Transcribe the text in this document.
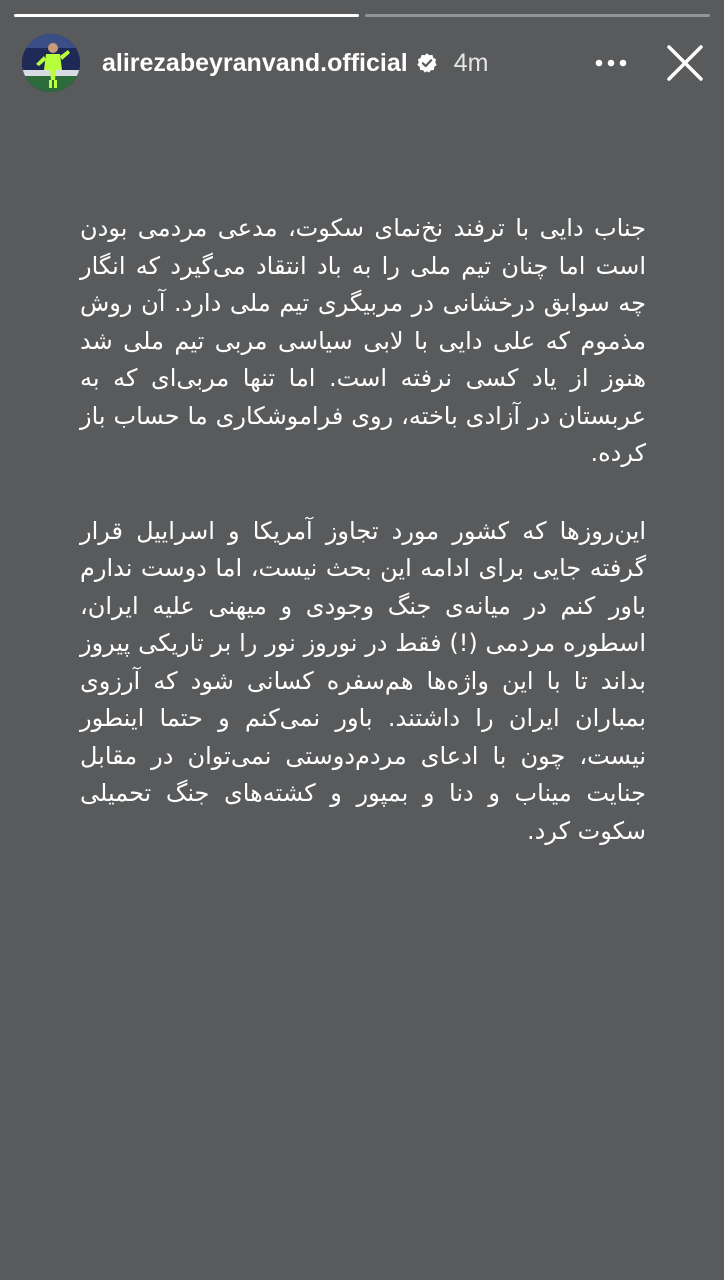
alirezabeyranvand.official 4m

جناب دایی با ترفند نخ‌نمای سکوت، مدعی مردمی بودن است اما چنان تیم ملی را به باد انتقاد می‌گیرد که انگار چه سوابق درخشانی در مربیگری تیم ملی دارد. آن روش مذموم که علی دایی با لابی سیاسی مربی تیم ملی شد هنوز از یاد کسی نرفته است. اما تنها مربی‌ای که به عربستان در آزادی باخته، روی فراموشکاری ما حساب باز کرده.

این‌روزها که کشور مورد تجاوز آمریکا و اسراییل قرار گرفته جایی برای ادامه این بحث نیست، اما دوست ندارم باور کنم در میانه‌ی جنگ وجودی و میهنی علیه ایران، اسطوره مردمی (!) فقط در نوروز نور را بر تاریکی پیروز بداند تا با این واژه‌ها هم‌سفره کسانی شود که آرزوی بمباران ایران را داشتند. باور نمی‌کنم و حتما اینطور نیست، چون با ادعای مردم‌دوستی نمی‌توان در مقابل جنایت میناب و دنا و بمپور و کشته‌های جنگ تحمیلی سکوت کرد.
